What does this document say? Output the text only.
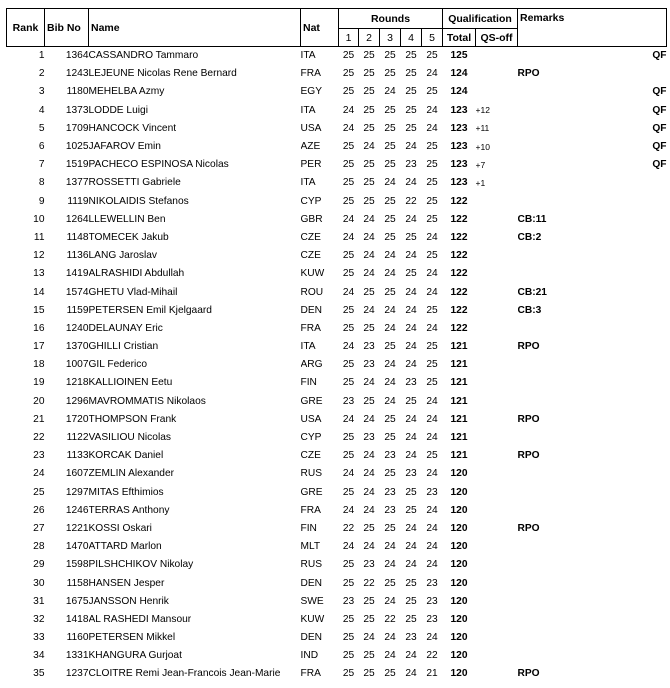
Rank	Bib No	Name	Nat	Rounds					Qualification		Remarks	
				1	2	3	4	5	Total	QS-off		
1	1364	CASSANDRO Tammaro	ITA	25	25	25	25	25	125			QF
2	1243	LEJEUNE Nicolas Rene Bernard	FRA	25	25	25	25	24	124		RPO	
3	1180	MEHELBA Azmy	EGY	25	25	24	25	25	124			QF
4	1373	LODDE Luigi	ITA	24	25	25	25	24	123	+12		QF
5	1709	HANCOCK Vincent	USA	24	25	25	25	24	123	+11		QF
6	1025	JAFAROV Emin	AZE	25	24	25	24	25	123	+10		QF
7	1519	PACHECO ESPINOSA Nicolas	PER	25	25	25	23	25	123	+7		QF
8	1377	ROSSETTI Gabriele	ITA	25	25	24	24	25	123	+1		
9	1119	NIKOLAIDIS Stefanos	CYP	25	25	25	22	25	122			
10	1264	LLEWELLIN Ben	GBR	24	24	25	24	25	122		CB:11	
11	1148	TOMECEK Jakub	CZE	24	24	25	25	24	122		CB:2	
12	1136	LANG Jaroslav	CZE	25	24	24	24	25	122			
13	1419	ALRASHIDI Abdullah	KUW	25	24	24	25	24	122			
14	1574	GHETU Vlad-Mihail	ROU	24	25	25	24	24	122		CB:21	
15	1159	PETERSEN Emil Kjelgaard	DEN	25	24	24	24	25	122		CB:3	
16	1240	DELAUNAY Eric	FRA	25	25	24	24	24	122			
17	1370	GHILLI Cristian	ITA	24	23	25	24	25	121		RPO	
18	1007	GIL Federico	ARG	25	23	24	24	25	121			
19	1218	KALLIOINEN Eetu	FIN	25	24	24	23	25	121			
20	1296	MAVROMMATIS Nikolaos	GRE	23	25	24	25	24	121			
21	1720	THOMPSON Frank	USA	24	24	25	24	24	121		RPO	
22	1122	VASILIOU Nicolas	CYP	25	23	25	24	24	121			
23	1133	KORCAK Daniel	CZE	25	24	23	24	25	121		RPO	
24	1607	ZEMLIN Alexander	RUS	24	24	25	23	24	120			
25	1297	MITAS Efthimios	GRE	25	24	23	25	23	120			
26	1246	TERRAS Anthony	FRA	24	24	23	25	24	120			
27	1221	KOSSI Oskari	FIN	22	25	25	24	24	120		RPO	
28	1470	ATTARD Marlon	MLT	24	24	24	24	24	120			
29	1598	PILSHCHIKOV Nikolay	RUS	25	23	24	24	24	120			
30	1158	HANSEN Jesper	DEN	25	22	25	25	23	120			
31	1675	JANSSON Henrik	SWE	23	25	24	25	23	120			
32	1418	AL RASHEDI Mansour	KUW	25	25	22	25	23	120			
33	1160	PETERSEN Mikkel	DEN	25	24	24	23	24	120			
34	1331	KHANGURA Gurjoat	IND	25	25	24	24	22	120			
35	1237	CLOITRE Remi Jean-Francois Jean-Marie	FRA	25	25	25	24	21	120		RPO	
